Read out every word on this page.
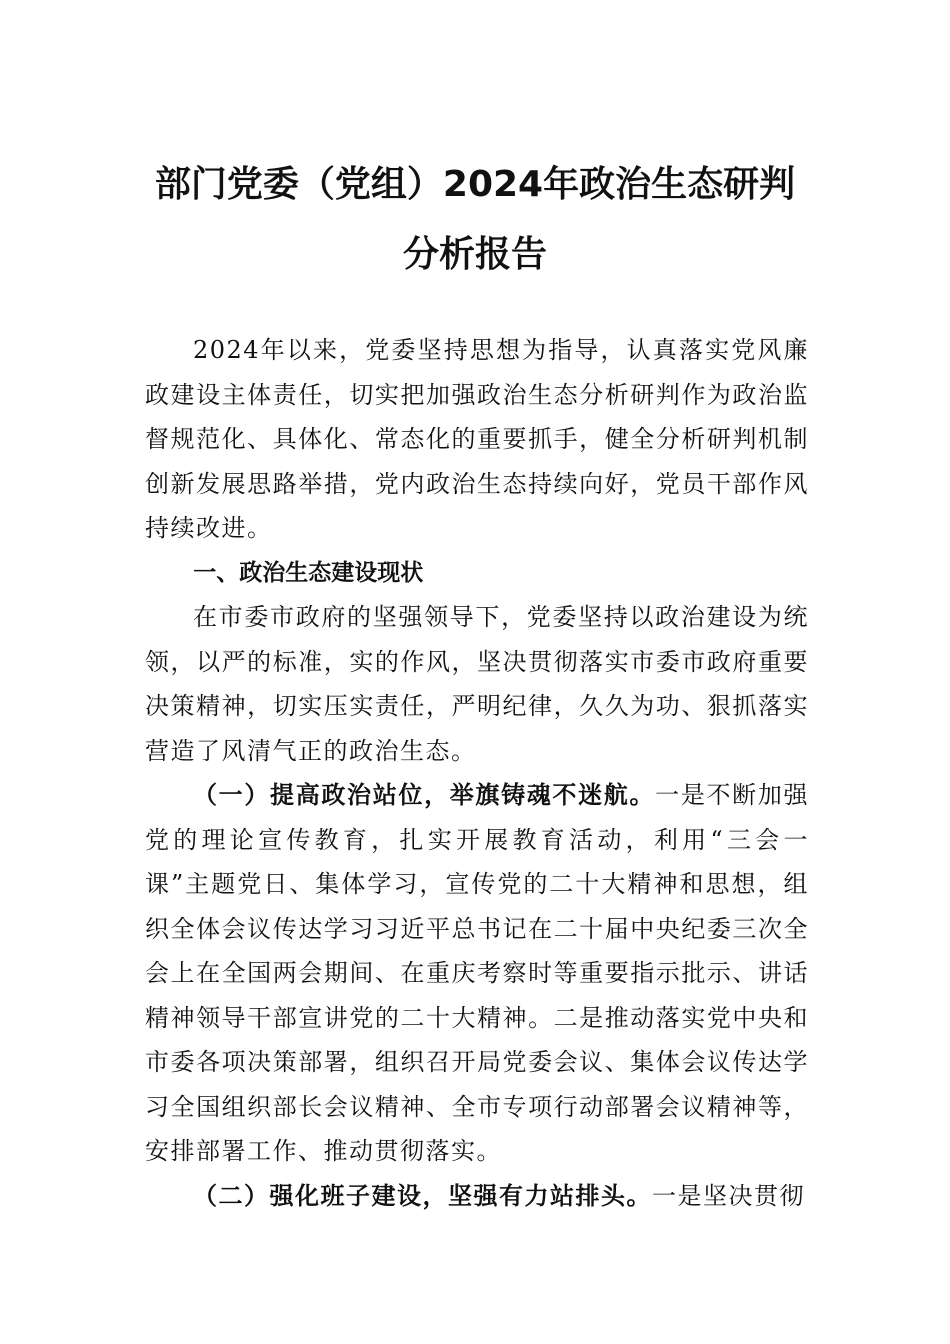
部门党委（党组）2024年政治生态研判分析报告

2024年以来，党委坚持思想为指导，认真落实党风廉政建设主体责任，切实把加强政治生态分析研判作为政治监督规范化、具体化、常态化的重要抓手，健全分析研判机制创新发展思路举措，党内政治生态持续向好，党员干部作风持续改进。

一、政治生态建设现状

在市委市政府的坚强领导下，党委坚持以政治建设为统领，以严的标准，实的作风，坚决贯彻落实市委市政府重要决策精神，切实压实责任，严明纪律，久久为功、狠抓落实营造了风清气正的政治生态。

（一）提高政治站位，举旗铸魂不迷航。一是不断加强党的理论宣传教育，扎实开展教育活动，利用“三会一课”主题党日、集体学习，宣传党的二十大精神和思想，组织全体会议传达学习习近平总书记在二十届中央纪委三次全会上在全国两会期间、在重庆考察时等重要指示批示、讲话精神领导干部宣讲党的二十大精神。二是推动落实党中央和市委各项决策部署，组织召开局党委会议、集体会议传达学习全国组织部长会议精神、全市专项行动部署会议精神等，安排部署工作、推动贯彻落实。

（二）强化班子建设，坚强有力站排头。一是坚决贯彻
